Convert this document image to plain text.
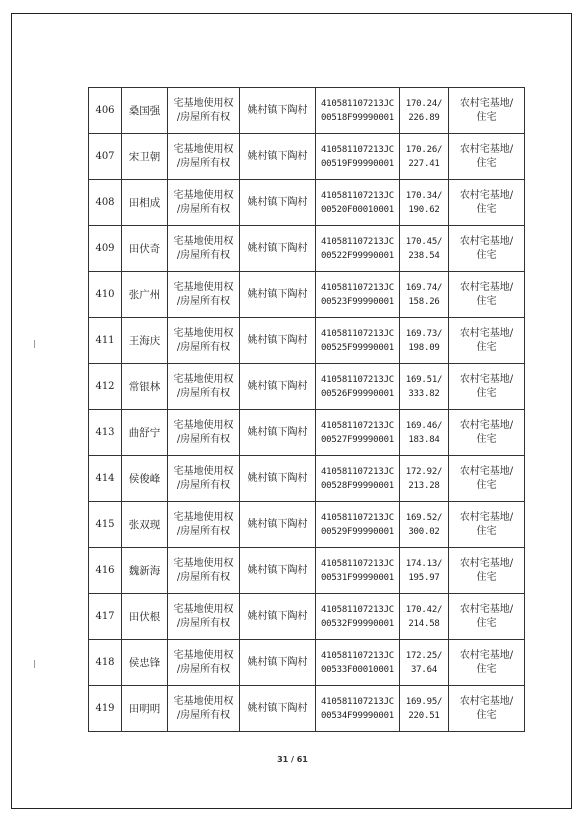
406	桑国强	宅基地使用权
/房屋所有权	姚村镇下陶村	410581107213JC
00518F99990001	170.24/
226.89	农村宅基地/
住宅

407	宋卫朝	宅基地使用权
/房屋所有权	姚村镇下陶村	410581107213JC
00519F99990001	170.26/
227.41	农村宅基地/
住宅

408	田相成	宅基地使用权
/房屋所有权	姚村镇下陶村	410581107213JC
00520F00010001	170.34/
190.62	农村宅基地/
住宅

409	田伏奇	宅基地使用权
/房屋所有权	姚村镇下陶村	410581107213JC
00522F99990001	170.45/
238.54	农村宅基地/
住宅

410	张广州	宅基地使用权
/房屋所有权	姚村镇下陶村	410581107213JC
00523F99990001	169.74/
158.26	农村宅基地/
住宅

411	王海庆	宅基地使用权
/房屋所有权	姚村镇下陶村	410581107213JC
00525F99990001	169.73/
198.09	农村宅基地/
住宅

412	常银林	宅基地使用权
/房屋所有权	姚村镇下陶村	410581107213JC
00526F99990001	169.51/
333.82	农村宅基地/
住宅

413	曲舒宁	宅基地使用权
/房屋所有权	姚村镇下陶村	410581107213JC
00527F99990001	169.46/
183.84	农村宅基地/
住宅

414	侯俊峰	宅基地使用权
/房屋所有权	姚村镇下陶村	410581107213JC
00528F99990001	172.92/
213.28	农村宅基地/
住宅

415	张双现	宅基地使用权
/房屋所有权	姚村镇下陶村	410581107213JC
00529F99990001	169.52/
300.02	农村宅基地/
住宅

416	魏新海	宅基地使用权
/房屋所有权	姚村镇下陶村	410581107213JC
00531F99990001	174.13/
195.97	农村宅基地/
住宅

417	田伏根	宅基地使用权
/房屋所有权	姚村镇下陶村	410581107213JC
00532F99990001	170.42/
214.58	农村宅基地/
住宅

418	侯忠锋	宅基地使用权
/房屋所有权	姚村镇下陶村	410581107213JC
00533F00010001	172.25/
37.64	农村宅基地/
住宅

419	田明明	宅基地使用权
/房屋所有权	姚村镇下陶村	410581107213JC
00534F99990001	169.95/
220.51	农村宅基地/
住宅
31 / 61
